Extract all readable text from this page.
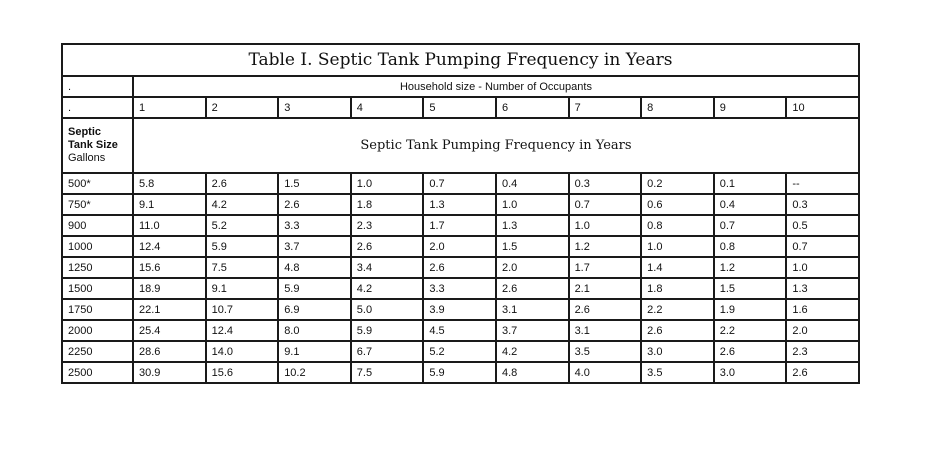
Table I. Septic Tank Pumping Frequency in Years										
.	Household size - Number of Occupants									
.	1	2	3	4	5	6	7	8	9	10

Septic
Tank Size
Gallons	Septic Tank Pumping Frequency in Years									
500*	5.8	2.6	1.5	1.0	0.7	0.4	0.3	0.2	0.1	--
750*	9.1	4.2	2.6	1.8	1.3	1.0	0.7	0.6	0.4	0.3
900	11.0	5.2	3.3	2.3	1.7	1.3	1.0	0.8	0.7	0.5
1000	12.4	5.9	3.7	2.6	2.0	1.5	1.2	1.0	0.8	0.7
1250	15.6	7.5	4.8	3.4	2.6	2.0	1.7	1.4	1.2	1.0
1500	18.9	9.1	5.9	4.2	3.3	2.6	2.1	1.8	1.5	1.3
1750	22.1	10.7	6.9	5.0	3.9	3.1	2.6	2.2	1.9	1.6
2000	25.4	12.4	8.0	5.9	4.5	3.7	3.1	2.6	2.2	2.0
2250	28.6	14.0	9.1	6.7	5.2	4.2	3.5	3.0	2.6	2.3
2500	30.9	15.6	10.2	7.5	5.9	4.8	4.0	3.5	3.0	2.6
